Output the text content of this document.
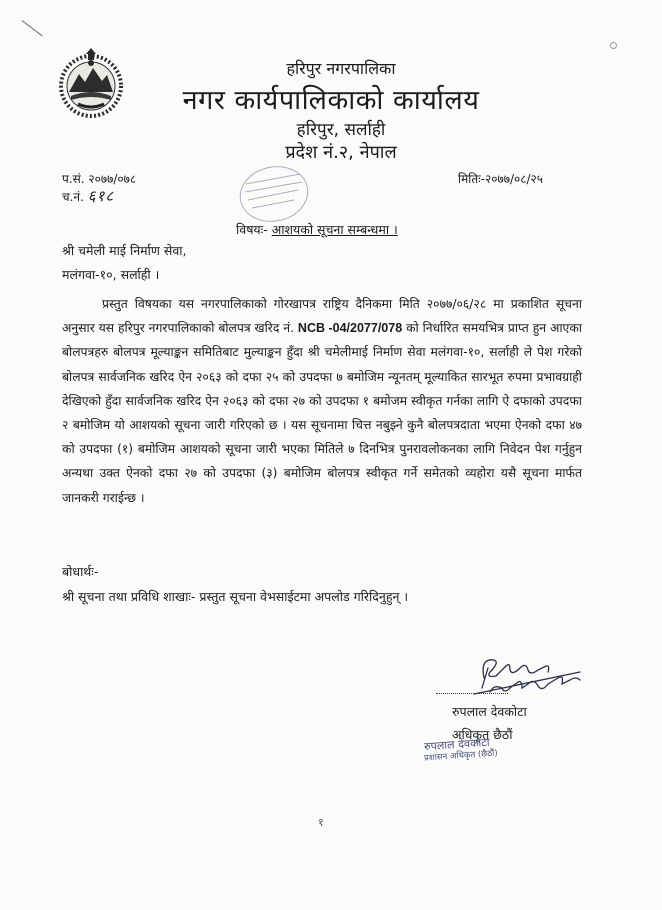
हरिपुर नगरपालिका
नगर कार्यपालिकाको कार्यालय
हरिपुर, सर्लाही
प्रदेश नं.२, नेपाल
प.सं. २०७७/०७८
च.नं. ६१८
मितिः-२०७७/०८/२५
विषयः- आशयको सूचना सम्बन्धमा ।
श्री चमेली माई निर्माण सेवा,
मलंगवा-१०, सर्लाही ।
प्रस्तुत विषयका यस नगरपालिकाको गोरखापत्र राष्ट्रिय दैनिकमा मिति २०७७/०६/२८ मा प्रकाशित सूचना अनुसार यस हरिपुर नगरपालिकाको बोलपत्र खरिद नं. NCB -04/2077/078 को निर्धारित समयभित्र प्राप्त हुन आएका बोलपत्रहरु बोलपत्र मूल्याङ्कन समितिबाट मुल्याङ्कन हुँदा श्री चमेलीमाई निर्माण सेवा मलंगवा-१०, सर्लाही ले पेश गरेको बोलपत्र सार्वजनिक खरिद ऐन २०६३ को दफा २५ को उपदफा ७ बमोजिम न्यूनतम् मूल्याकित सारभूत रुपमा प्रभावग्राही देखिएको हुँदा सार्वजनिक खरिद ऐन २०६३ को दफा २७ को उपदफा १ बमोजम स्वीकृत गर्नका लागि ऐ दफाको उपदफा २ बमोजिम यो आशयको सूचना जारी गरिएको छ । यस सूचनामा चित्त नबुझ्ने कुनै बोलपत्रदाता भएमा ऐनको दफा ४७ को उपदफा (१) बमोजिम आशयको सूचना जारी भएका मितिले ७ दिनभित्र पुनरावलोकनका लागि निवेदन पेश गर्नुहुन अन्यथा उक्त ऐनको दफा २७ को उपदफा (३) बमोजिम बोलपत्र स्वीकृत गर्ने समेतको व्यहोरा यसै सूचना मार्फत जानकरी गराईन्छ ।
बोधार्थः-
श्री सूचना तथा प्रविधि शाखाः- प्रस्तुत सूचना वेभसाईटमा अपलोड गरिदिनुहुन् ।
रुपलाल देवकोटा
अधिकृत छैठौं
रुपलाल देवकोटा
प्रशासन अधिकृत (छैठौं)
१
